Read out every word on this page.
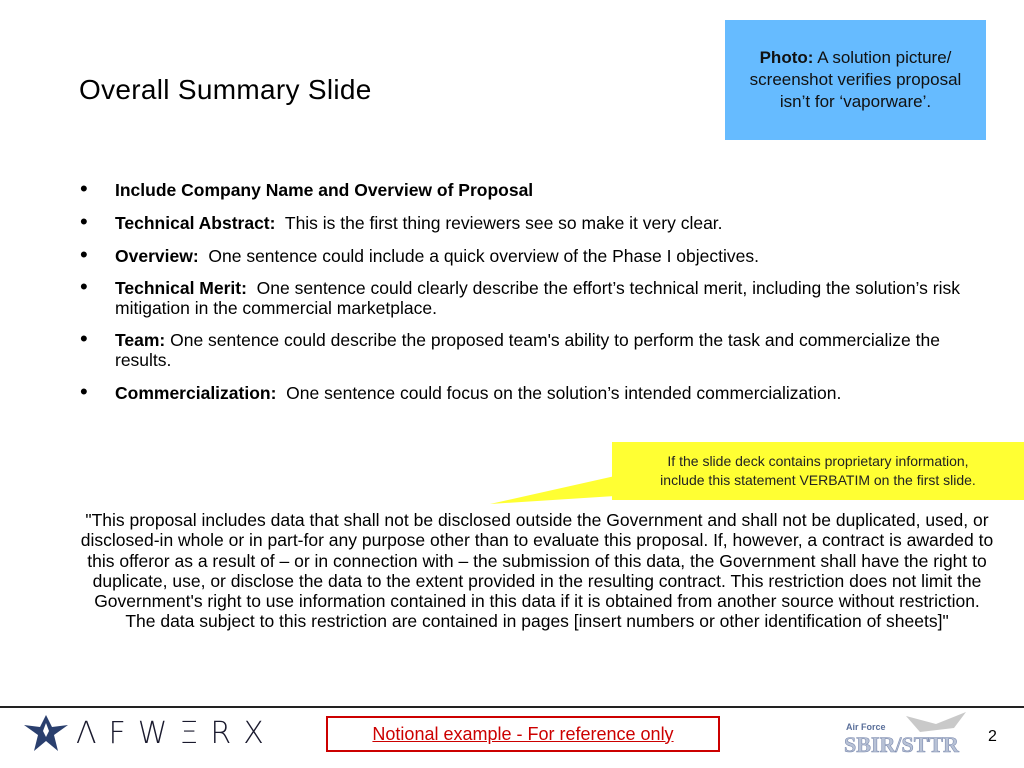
Overall Summary Slide
Photo: A solution picture/
screenshot verifies proposal
isn’t for ‘vaporware’.
•	Include Company Name and Overview of Proposal
•	Technical Abstract:  This is the first thing reviewers see so make it very clear.
•	Overview:  One sentence could include a quick overview of the Phase I objectives.
•	Technical Merit:  One sentence could clearly describe the effort’s technical merit, including the solution’s risk mitigation in the commercial marketplace.
•	Team: One sentence could describe the proposed team's ability to perform the task and commercialize the results.
•	Commercialization:  One sentence could focus on the solution’s intended commercialization.
If the slide deck contains proprietary information,
include this statement VERBATIM on the first slide.
"This proposal includes data that shall not be disclosed outside the Government and shall not be duplicated, used, or disclosed-in whole or in part-for any purpose other than to evaluate this proposal. If, however, a contract is awarded to this offeror as a result of – or in connection with – the submission of this data, the Government shall have the right to duplicate, use, or disclose the data to the extent provided in the resulting contract. This restriction does not limit the Government's right to use information contained in this data if it is obtained from another source without restriction. The data subject to this restriction are contained in pages [insert numbers or other identification of sheets]"
ΛFWΞRX	Notional example - For reference only	Air Force
SBIR/STTR 2
